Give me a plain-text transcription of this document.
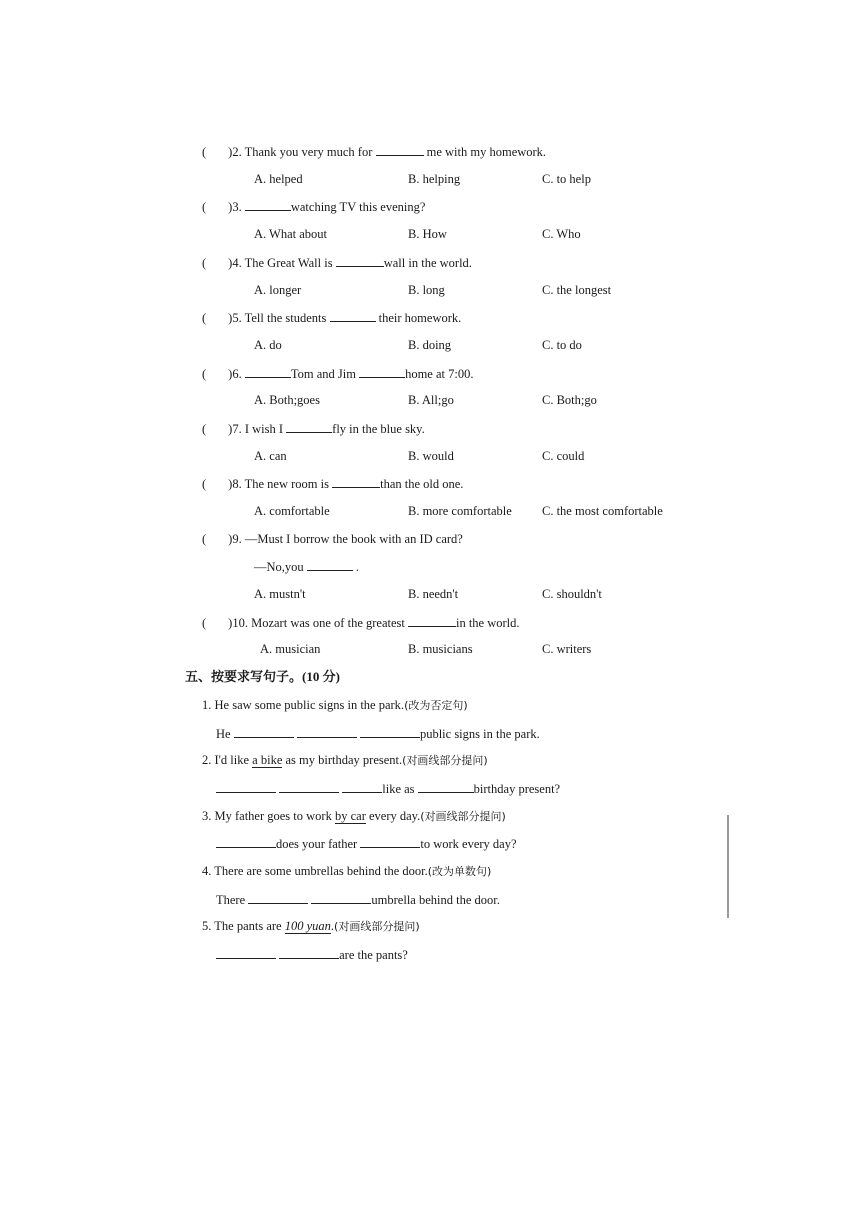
( )2. Thank you very much for	me with my homework.
A. helped	B. helping	C. to help
( )3.	watching TV this evening?
A. What about	B. How	C. Who
( )4. The Great Wall is	wall in the world.
A. longer	B. long	C. the longest
( )5. Tell the students	their homework.
A. do	B. doing	C. to do
( )6.	Tom and Jim	home at 7:00.
A. Both;goes	B. All;go	C. Both;go
( )7. I wish I	fly in the blue sky.
A. can	B. would	C. could
( )8. The new room is	than the old one.
A. comfortable	B. more comfortable C. the most comfortable
( )9. —Must I borrow the book with an ID card?
—No,you	.
A. mustn't	B. needn't	C. shouldn't
( )10. Mozart was one of the greatest	in the world.
A. musician	B. musicians	C. writers
五、按要求写句子。(10 分)
1. He saw some public signs in the park.(改为否定句)
He	public signs in the park.
2. I'd like a bike as my birthday present.(对画线部分提问)
like as	birthday present?
3. My father goes to work by car every day.(对画线部分提问)
does your father	to work every day?
4. There are some umbrellas behind the door.(改为单数句)
There	umbrella behind the door.
5. The pants are 100 yuan.(对画线部分提问)
are the pants?
